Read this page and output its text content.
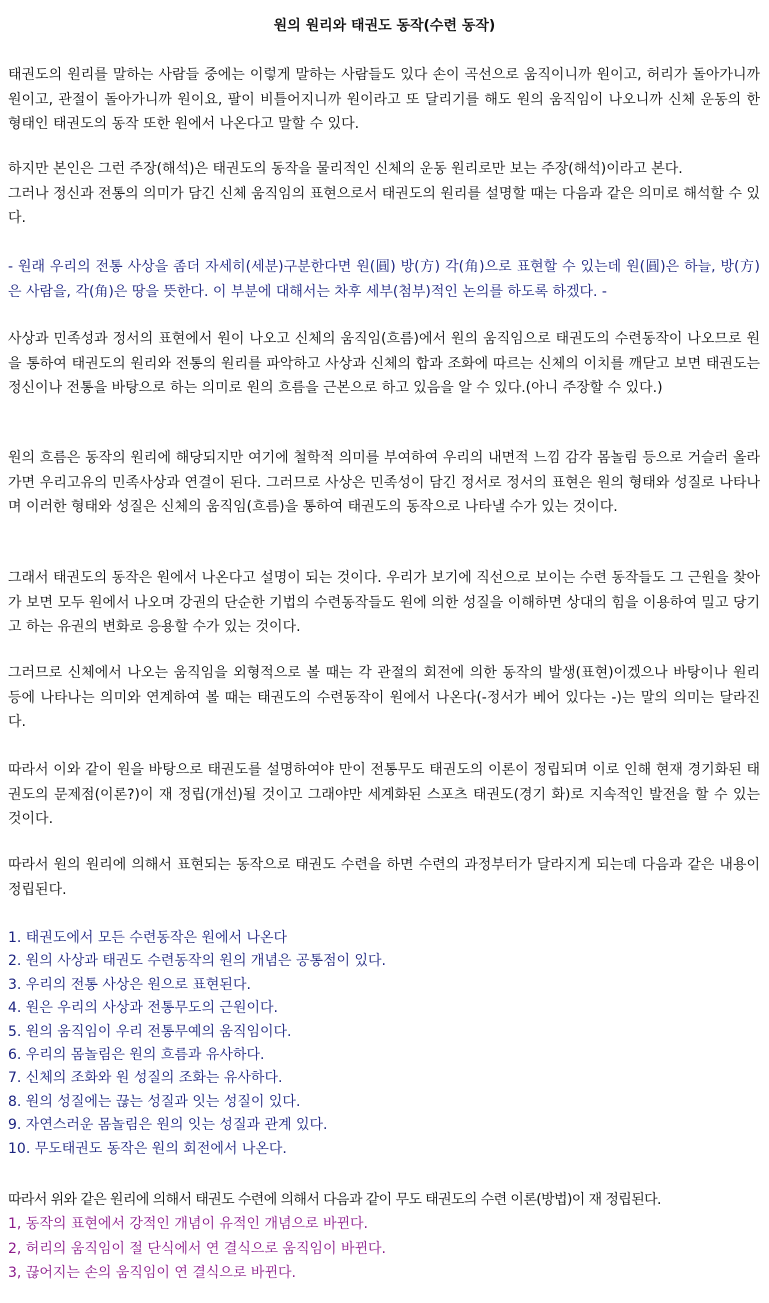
원의 원리와 태권도 동작(수련 동작)
태권도의 원리를 말하는 사람들 중에는 이렇게 말하는 사람들도 있다 손이 곡선으로 움직이니까 원이고, 허리가 돌아가니까 원이고, 관절이 돌아가니까 원이요, 팔이 비틀어지니까 원이라고 또 달리기를 해도 원의 움직임이 나오니까 신체 운동의 한 형태인 태권도의 동작 또한 원에서 나온다고 말할 수 있다.
하지만 본인은 그런 주장(해석)은 태권도의 동작을 물리적인 신체의 운동 원리로만 보는 주장(해석)이라고 본다.
그러나 정신과 전통의 의미가 담긴 신체 움직임의 표현으로서 태권도의 원리를 설명할 때는 다음과 같은 의미로 해석할 수 있다.
- 원래 우리의 전통 사상을 좀더 자세히(세분)구분한다면 원(圓) 방(方) 각(角)으로 표현할 수 있는데 원(圓)은 하늘, 방(方)은 사람을, 각(角)은 땅을 뜻한다. 이 부분에 대해서는 차후 세부(첨부)적인 논의를 하도록 하겠다. -
사상과 민족성과 정서의 표현에서 원이 나오고 신체의 움직임(흐름)에서 원의 움직임으로 태권도의 수련동작이 나오므로 원을 통하여 태권도의 원리와 전통의 원리를 파악하고 사상과 신체의 합과 조화에 따르는 신체의 이치를 깨닫고 보면 태권도는 정신이나 전통을 바탕으로 하는 의미로 원의 흐름을 근본으로 하고 있음을 알 수 있다.(아니 주장할 수 있다.)
원의 흐름은 동작의 원리에 해당되지만 여기에 철학적 의미를 부여하여 우리의 내면적 느낌 감각 몸놀림 등으로 거슬러 올라가면 우리고유의 민족사상과 연결이 된다. 그러므로 사상은 민족성이 담긴 정서로 정서의 표현은 원의 형태와 성질로 나타나며 이러한 형태와 성질은 신체의 움직임(흐름)을 통하여 태권도의 동작으로 나타낼 수가 있는 것이다.
그래서 태권도의 동작은 원에서 나온다고 설명이 되는 것이다. 우리가 보기에 직선으로 보이는 수련 동작들도 그 근원을 찾아가 보면 모두 원에서 나오며 강권의 단순한 기법의 수련동작들도 원에 의한 성질을 이해하면 상대의 힘을 이용하여 밀고 당기고 하는 유권의 변화로 응용할 수가 있는 것이다.
그러므로 신체에서 나오는 움직임을 외형적으로 볼 때는 각 관절의 회전에 의한 동작의 발생(표현)이겠으나 바탕이나 원리 등에 나타나는 의미와 연계하여 볼 때는 태권도의 수련동작이 원에서 나온다(-정서가 베어 있다는 -)는 말의 의미는 달라진다.
따라서 이와 같이 원을 바탕으로 태권도를 설명하여야 만이 전통무도 태권도의 이론이 정립되며 이로 인해 현재 경기화된 태권도의 문제점(이론?)이 재 정립(개선)될 것이고 그래야만 세계화된 스포츠 태권도(경기 화)로 지속적인 발전을 할 수 있는 것이다.
따라서 원의 원리에 의해서 표현되는 동작으로 태권도 수련을 하면 수련의 과정부터가 달라지게 되는데 다음과 같은 내용이 정립된다.
1. 태권도에서 모든 수련동작은 원에서 나온다
2. 원의 사상과 태권도 수련동작의 원의 개념은 공통점이 있다.
3. 우리의 전통 사상은 원으로 표현된다.
4. 원은 우리의 사상과 전통무도의 근원이다.
5. 원의 움직임이 우리 전통무예의 움직임이다.
6. 우리의 몸놀림은 원의 흐름과 유사하다.
7. 신체의 조화와 원 성질의 조화는 유사하다.
8. 원의 성질에는 끊는 성질과 잇는 성질이 있다.
9. 자연스러운 몸놀림은 원의 잇는 성질과 관계 있다.
10. 무도태권도 동작은 원의 회전에서 나온다.
따라서 위와 같은 원리에 의해서 태권도 수련에 의해서 다음과 같이 무도 태권도의 수련 이론(방법)이 재 정립된다.
1, 동작의 표현에서 강적인 개념이 유적인 개념으로 바뀐다.
2, 허리의 움직임이 절 단식에서 연 결식으로 움직임이 바뀐다.
3, 끊어지는 손의 움직임이 연 결식으로 바뀐다.
